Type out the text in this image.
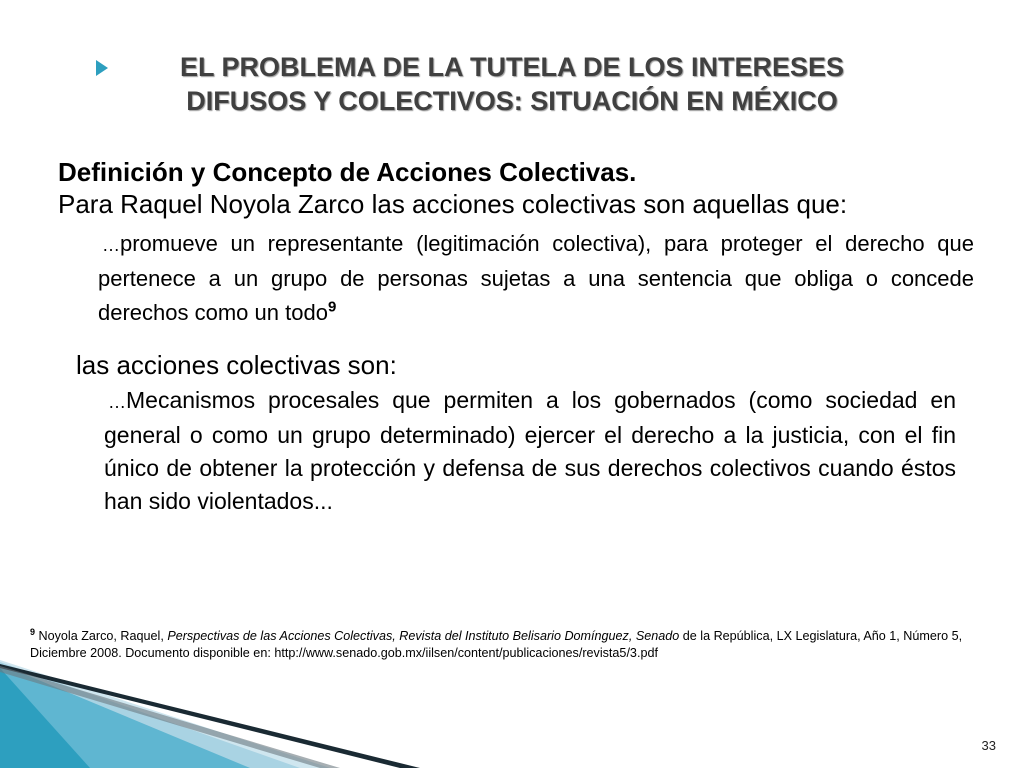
EL PROBLEMA DE LA TUTELA DE LOS INTERESES
DIFUSOS Y COLECTIVOS: SITUACIÓN EN MÉXICO
Definición y Concepto de Acciones Colectivas.
Para Raquel Noyola Zarco las acciones colectivas son aquellas que:
…promueve un representante (legitimación colectiva), para proteger el derecho que pertenece a un grupo de personas sujetas a una sentencia que obliga o concede derechos como un todo$^9$
las acciones colectivas son:
…Mecanismos procesales que permiten a los gobernados (como sociedad en general o como un grupo determinado) ejercer el derecho a la justicia, con el fin único de obtener la protección y defensa de sus derechos colectivos cuando éstos han sido violentados...
$^9$ Noyola Zarco, Raquel, Perspectivas de las Acciones Colectivas, Revista del Instituto Belisario Domínguez, Senado de la República, LX Legislatura, Año 1, Número 5, Diciembre 2008. Documento disponible en: http://www.senado.gob.mx/iilsen/content/publicaciones/revista5/3.pdf
33
